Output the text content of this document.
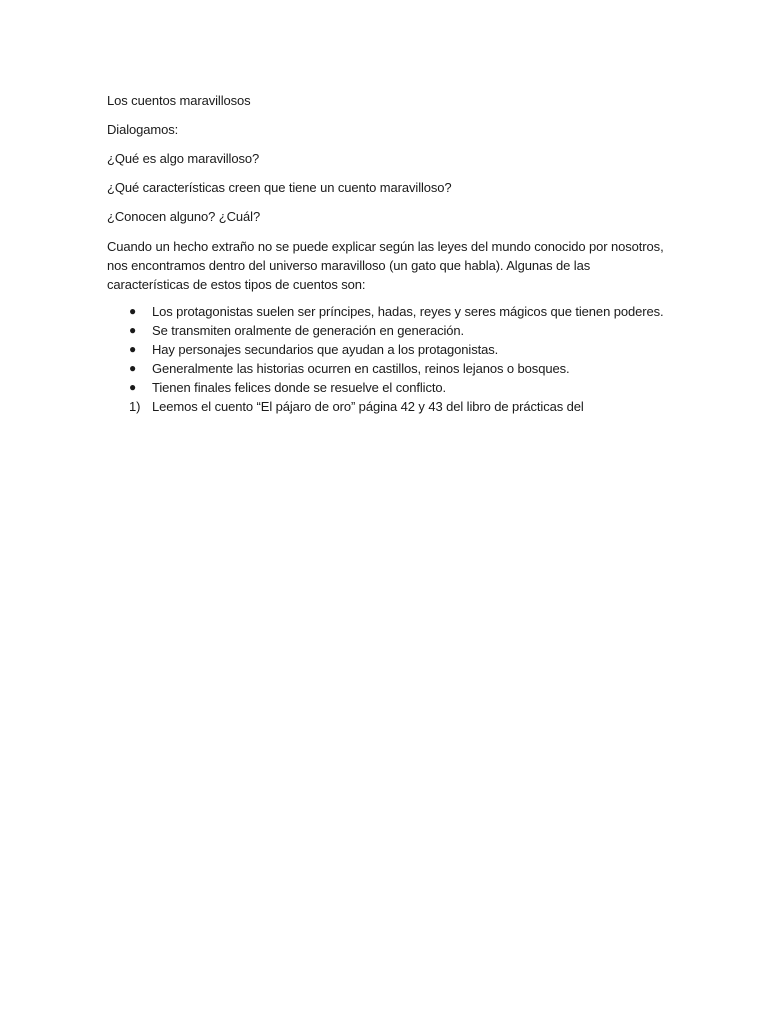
Los cuentos maravillosos

Dialogamos:

¿Qué es algo maravilloso?

¿Qué características creen que tiene un cuento maravilloso?

¿Conocen alguno? ¿Cuál?

Cuando un hecho extraño no se puede explicar según las leyes del mundo conocido por nosotros, nos encontramos dentro del universo maravilloso (un gato que habla). Algunas de las características de estos tipos de cuentos son:

● Los protagonistas suelen ser príncipes, hadas, reyes y seres mágicos que tienen poderes.
● Se transmiten oralmente de generación en generación.
● Hay personajes secundarios que ayudan a los protagonistas.
● Generalmente las historias ocurren en castillos, reinos lejanos o bosques.
● Tienen finales felices donde se resuelve el conflicto.
1) Leemos el cuento “El pájaro de oro” página 42 y 43 del libro de prácticas del
